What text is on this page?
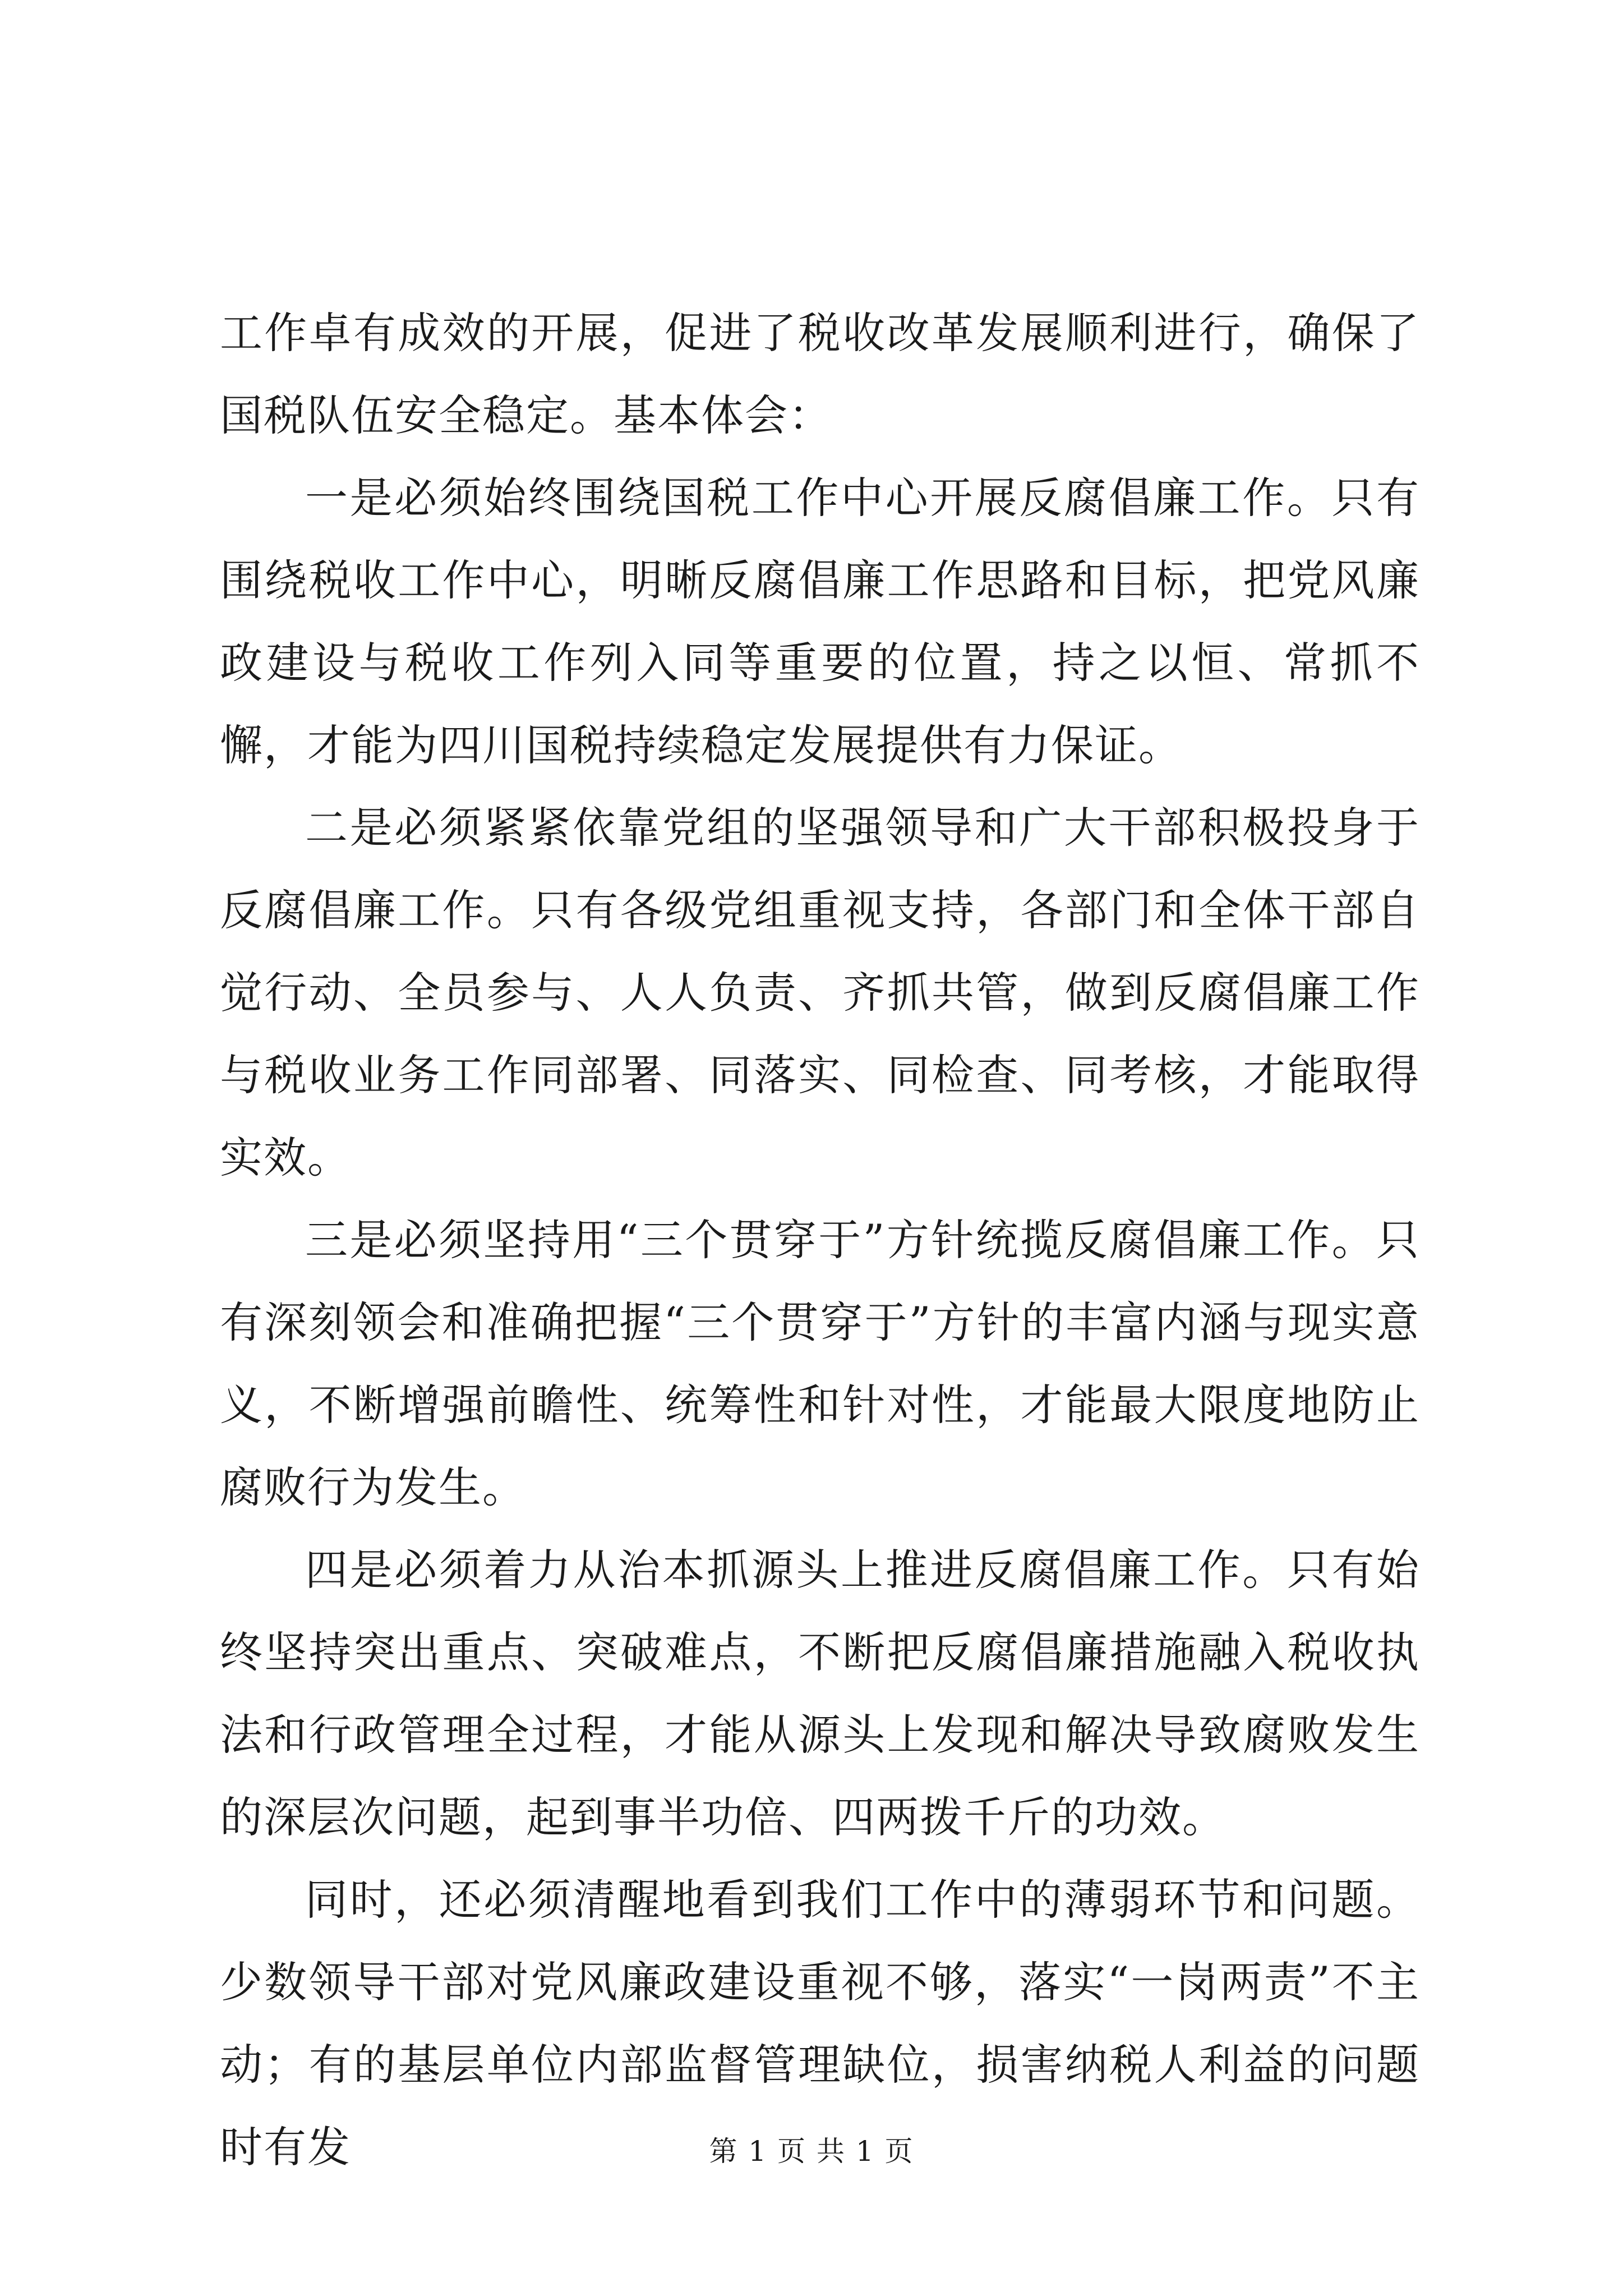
工作卓有成效的开展，促进了税收改革发展顺利进行，确保了国税队伍安全稳定。基本体会：

一是必须始终围绕国税工作中心开展反腐倡廉工作。只有围绕税收工作中心，明晰反腐倡廉工作思路和目标，把党风廉政建设与税收工作列入同等重要的位置，持之以恒、常抓不懈，才能为四川国税持续稳定发展提供有力保证。

二是必须紧紧依靠党组的坚强领导和广大干部积极投身于反腐倡廉工作。只有各级党组重视支持，各部门和全体干部自觉行动、全员参与、人人负责、齐抓共管，做到反腐倡廉工作与税收业务工作同部署、同落实、同检查、同考核，才能取得实效。

三是必须坚持用“三个贯穿于”方针统揽反腐倡廉工作。只有深刻领会和准确把握“三个贯穿于”方针的丰富内涵与现实意义，不断增强前瞻性、统筹性和针对性，才能最大限度地防止腐败行为发生。

四是必须着力从治本抓源头上推进反腐倡廉工作。只有始终坚持突出重点、突破难点，不断把反腐倡廉措施融入税收执法和行政管理全过程，才能从源头上发现和解决导致腐败发生的深层次问题，起到事半功倍、四两拨千斤的功效。

同时，还必须清醒地看到我们工作中的薄弱环节和问题。少数领导干部对党风廉政建设重视不够，落实“一岗两责”不主动；有的基层单位内部监督管理缺位，损害纳税人利益的问题时有发	第 1 页 共 1 页
